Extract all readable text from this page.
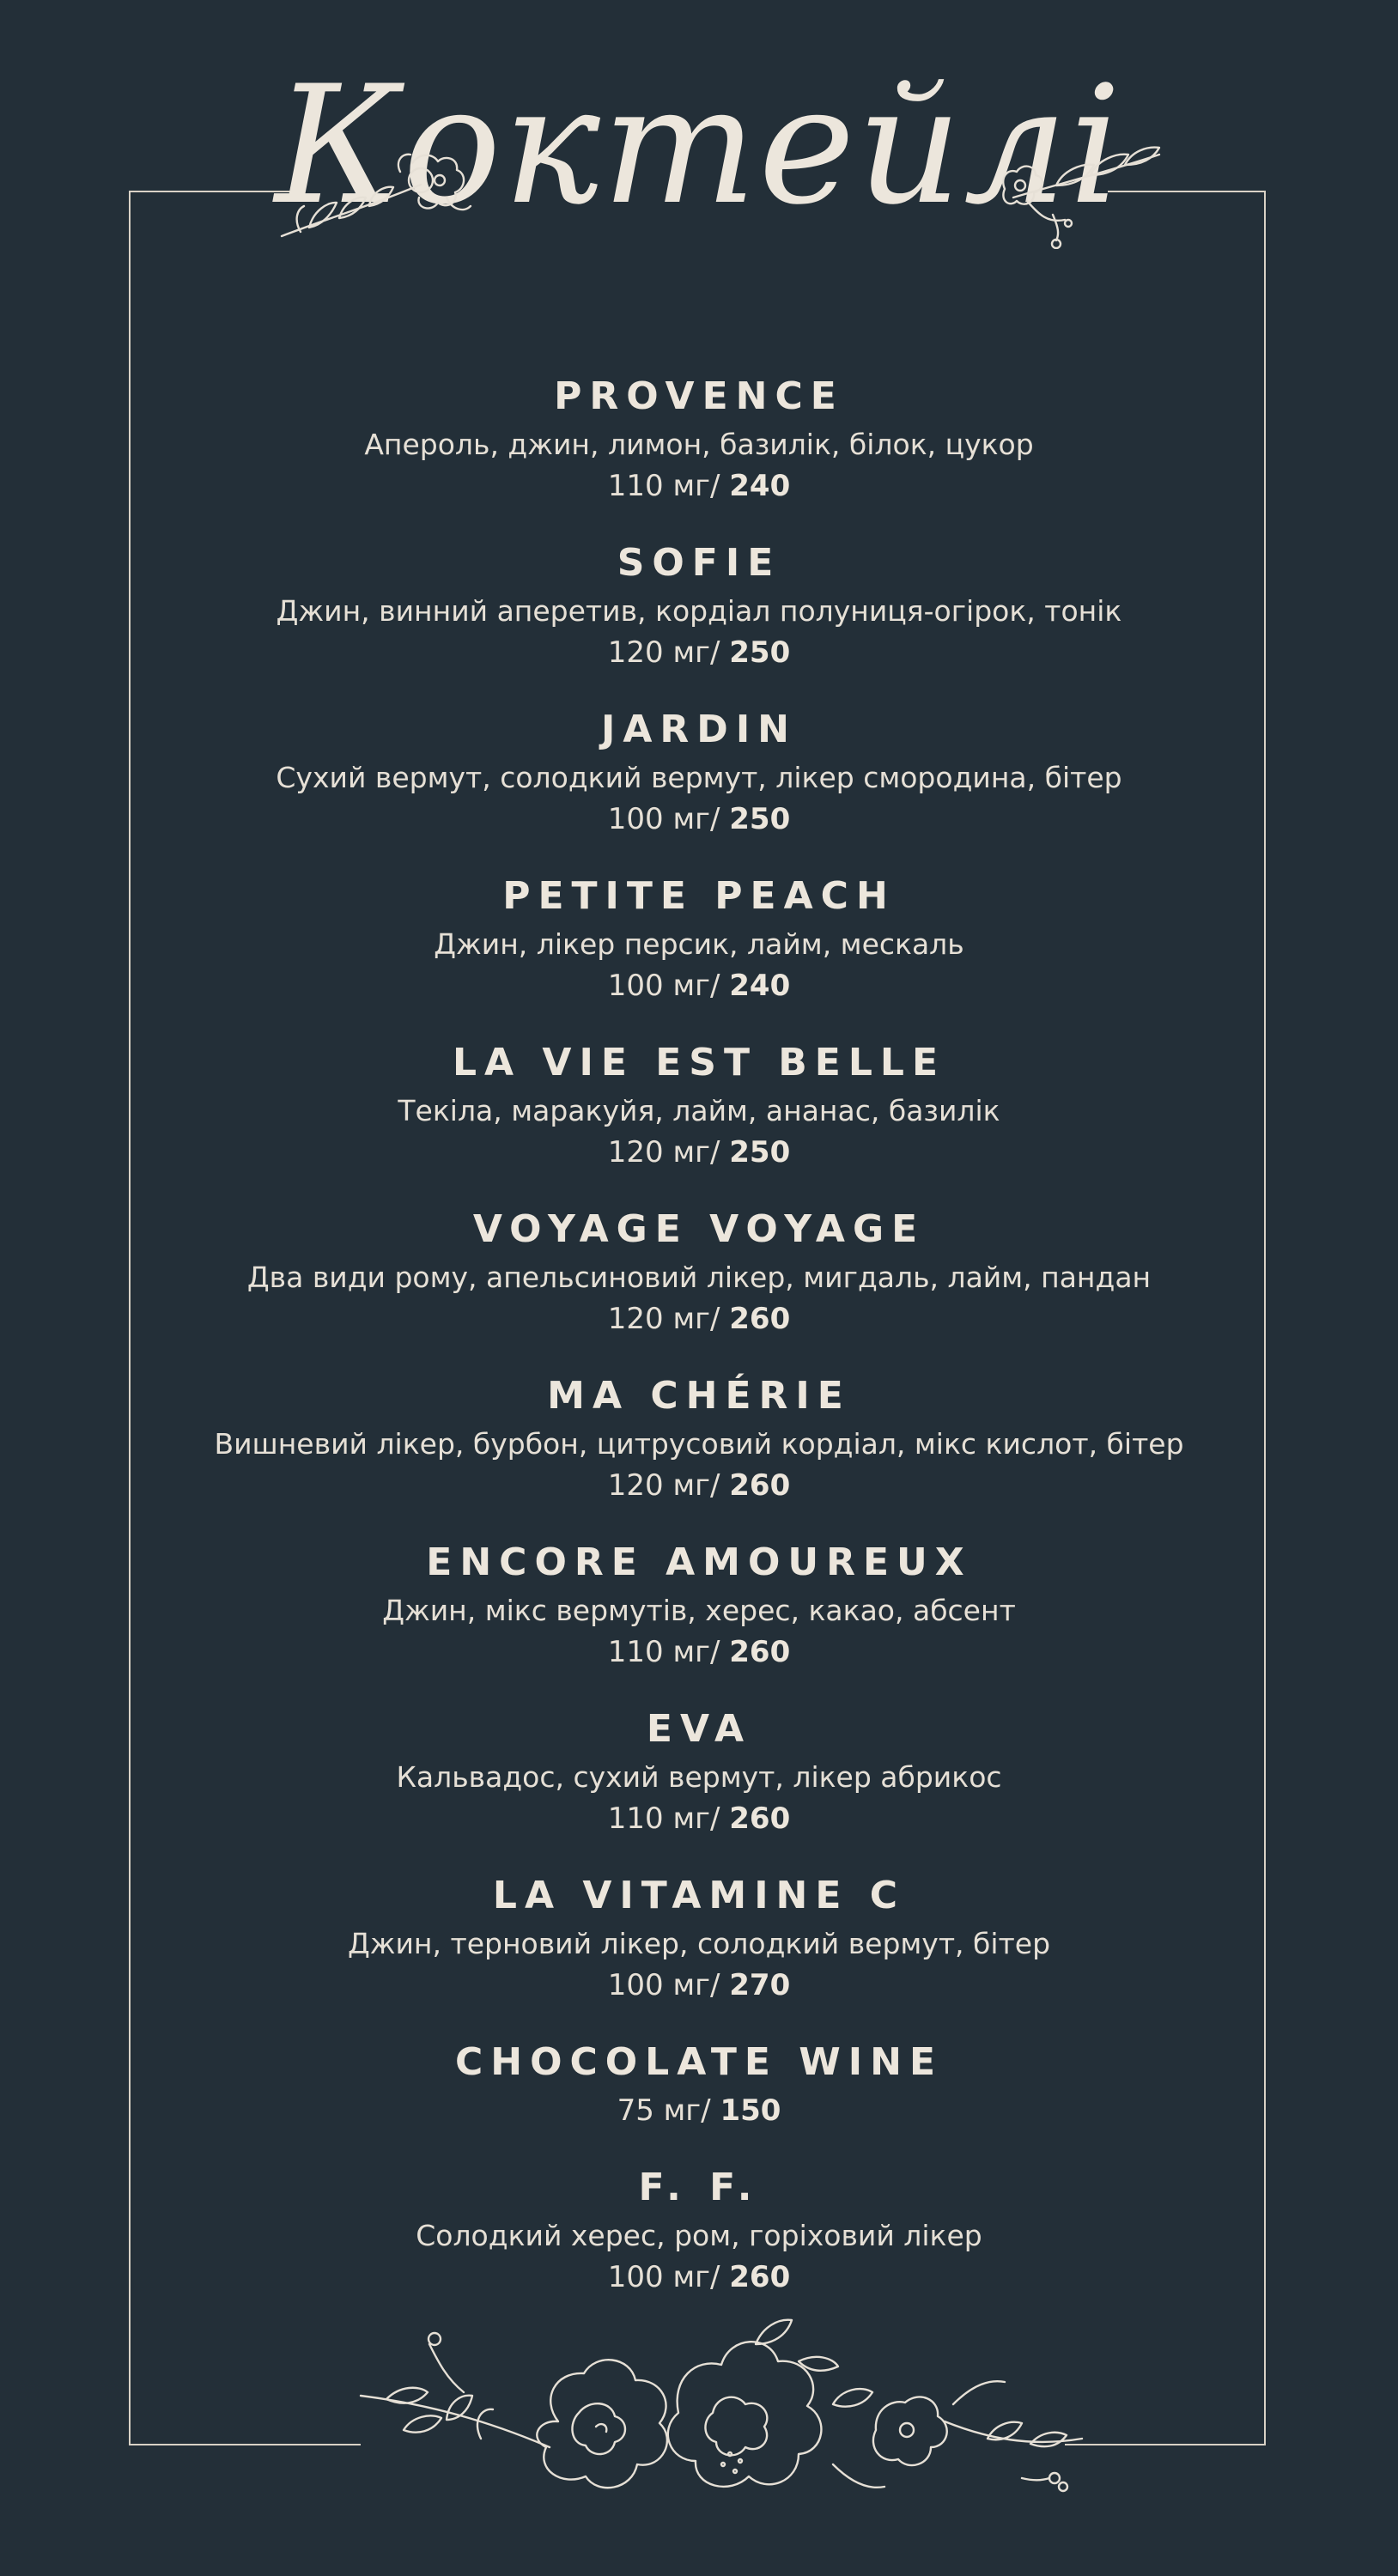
Коктейлі
PROVENCE
Апероль, джин, лимон, базилік, білок, цукор
110 мг/ 240
SOFIE
Джин, винний аперетив, кордіал полуниця-огірок, тонік
120 мг/ 250
JARDIN
Сухий вермут, солодкий вермут, лікер смородина, бітер
100 мг/ 250
PETITE PEACH
Джин, лікер персик, лайм, мескаль
100 мг/ 240
LA VIE EST BELLE
Текіла, маракуйя, лайм, ананас, базилік
120 мг/ 250
VOYAGE VOYAGE
Два види рому, апельсиновий лікер, мигдаль, лайм, пандан
120 мг/ 260
MA CHÉRIE
Вишневий лікер, бурбон, цитрусовий кордіал, мікс кислот, бітер
120 мг/ 260
ENCORE AMOUREUX
Джин, мікс вермутів, херес, какао, абсент
110 мг/ 260
EVA
Кальвадос, сухий вермут, лікер абрикос
110 мг/ 260
LA VITAMINE C
Джин, терновий лікер, солодкий вермут, бітер
100 мг/ 270
CHOCOLATE WINE
75 мг/ 150
F. F.
Солодкий херес, ром, горіховий лікер
100 мг/ 260
